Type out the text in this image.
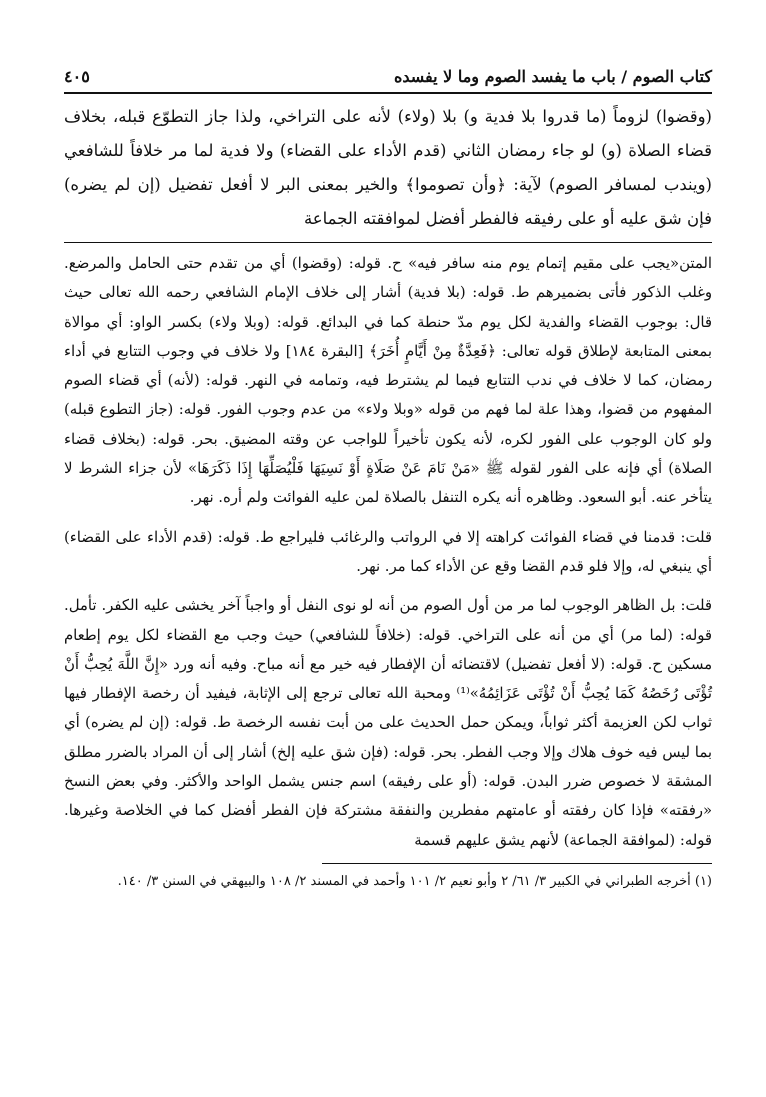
كتاب الصوم / باب ما يفسد الصوم وما لا يفسده
٤٠٥
(وقضوا) لزوماً (ما قدروا بلا فدية و) بلا (ولاء) لأنه على التراخي، ولذا جاز التطوّع قبله، بخلاف قضاء الصلاة (و) لو جاء رمضان الثاني (قدم الأداء على القضاء) ولا فدية لما مر خلافاً للشافعي (ويندب لمسافر الصوم) لآية: ﴿وأن تصوموا﴾ والخير بمعنى البر لا أفعل تفضيل (إن لم يضره) فإن شق عليه أو على رفيقه فالفطر أفضل لموافقته الجماعة

المتن«يجب على مقيم إتمام يوم منه سافر فيه» ح. قوله: (وقضوا) أي من تقدم حتى الحامل والمرضع. وغلب الذكور فأتى بضميرهم ط. قوله: (بلا فدية) أشار إلى خلاف الإمام الشافعي رحمه الله تعالى حيث قال: بوجوب القضاء والفدية لكل يوم مدّ حنطة كما في البدائع. قوله: (وبلا ولاء) بكسر الواو: أي موالاة بمعنى المتابعة لإطلاق قوله تعالى: ﴿فَعِدَّةٌ مِنْ أَيَّامٍ أُخَرَ﴾ [البقرة ١٨٤] ولا خلاف في وجوب التتابع في أداء رمضان، كما لا خلاف في ندب التتابع فيما لم يشترط فيه، وتمامه في النهر. قوله: (لأنه) أي قضاء الصوم المفهوم من قضوا، وهذا علة لما فهم من قوله «وبلا ولاء» من عدم وجوب الفور. قوله: (جاز التطوع قبله) ولو كان الوجوب على الفور لكره، لأنه يكون تأخيراً للواجب عن وقته المضيق. بحر. قوله: (بخلاف قضاء الصلاة) أي فإنه على الفور لقوله ﷺ «مَنْ نَامَ عَنْ صَلَاةٍ أَوْ نَسِيَهَا فَلْيُصَلِّهَا إِذَا ذَكَرَهَا» لأن جزاء الشرط لا يتأخر عنه. أبو السعود. وظاهره أنه يكره التنفل بالصلاة لمن عليه الفوائت ولم أره. نهر.

قلت: قدمنا في قضاء الفوائت كراهته إلا في الرواتب والرغائب فليراجع ط. قوله: (قدم الأداء على القضاء) أي ينبغي له، وإلا فلو قدم القضا وقع عن الأداء كما مر. نهر.

قلت: بل الظاهر الوجوب لما مر من أول الصوم من أنه لو نوى النفل أو واجباً آخر يخشى عليه الكفر. تأمل. قوله: (لما مر) أي من أنه على التراخي. قوله: (خلافاً للشافعي) حيث وجب مع القضاء لكل يوم إطعام مسكين ح. قوله: (لا أفعل تفضيل) لاقتضائه أن الإفطار فيه خير مع أنه مباح. وفيه أنه ورد «إِنَّ اللَّهَ يُحِبُّ أَنْ تُؤْتَى رُخَصُهُ كَمَا يُحِبُّ أَنْ تُؤْتَى عَزَائِمُهُ»⁽¹⁾ ومحبة الله تعالى ترجع إلى الإثابة، فيفيد أن رخصة الإفطار فيها ثواب لكن العزيمة أكثر ثواباً، ويمكن حمل الحديث على من أبت نفسه الرخصة ط. قوله: (إن لم يضره) أي بما ليس فيه خوف هلاك وإلا وجب الفطر. بحر. قوله: (فإن شق عليه إلخ) أشار إلى أن المراد بالضرر مطلق المشقة لا خصوص ضرر البدن. قوله: (أو على رفيقه) اسم جنس يشمل الواحد والأكثر. وفي بعض النسخ «رفقته» فإذا كان رفقته أو عامتهم مفطرين والنفقة مشتركة فإن الفطر أفضل كما في الخلاصة وغيرها. قوله: (لموافقة الجماعة) لأنهم يشق عليهم قسمة

(١) أخرجه الطبراني في الكبير ٣/ ٦١/ ٢ وأبو نعيم ٢/ ١٠١ وأحمد في المسند ٢/ ١٠٨ والبيهقي في السنن ٣/ ١٤٠.
